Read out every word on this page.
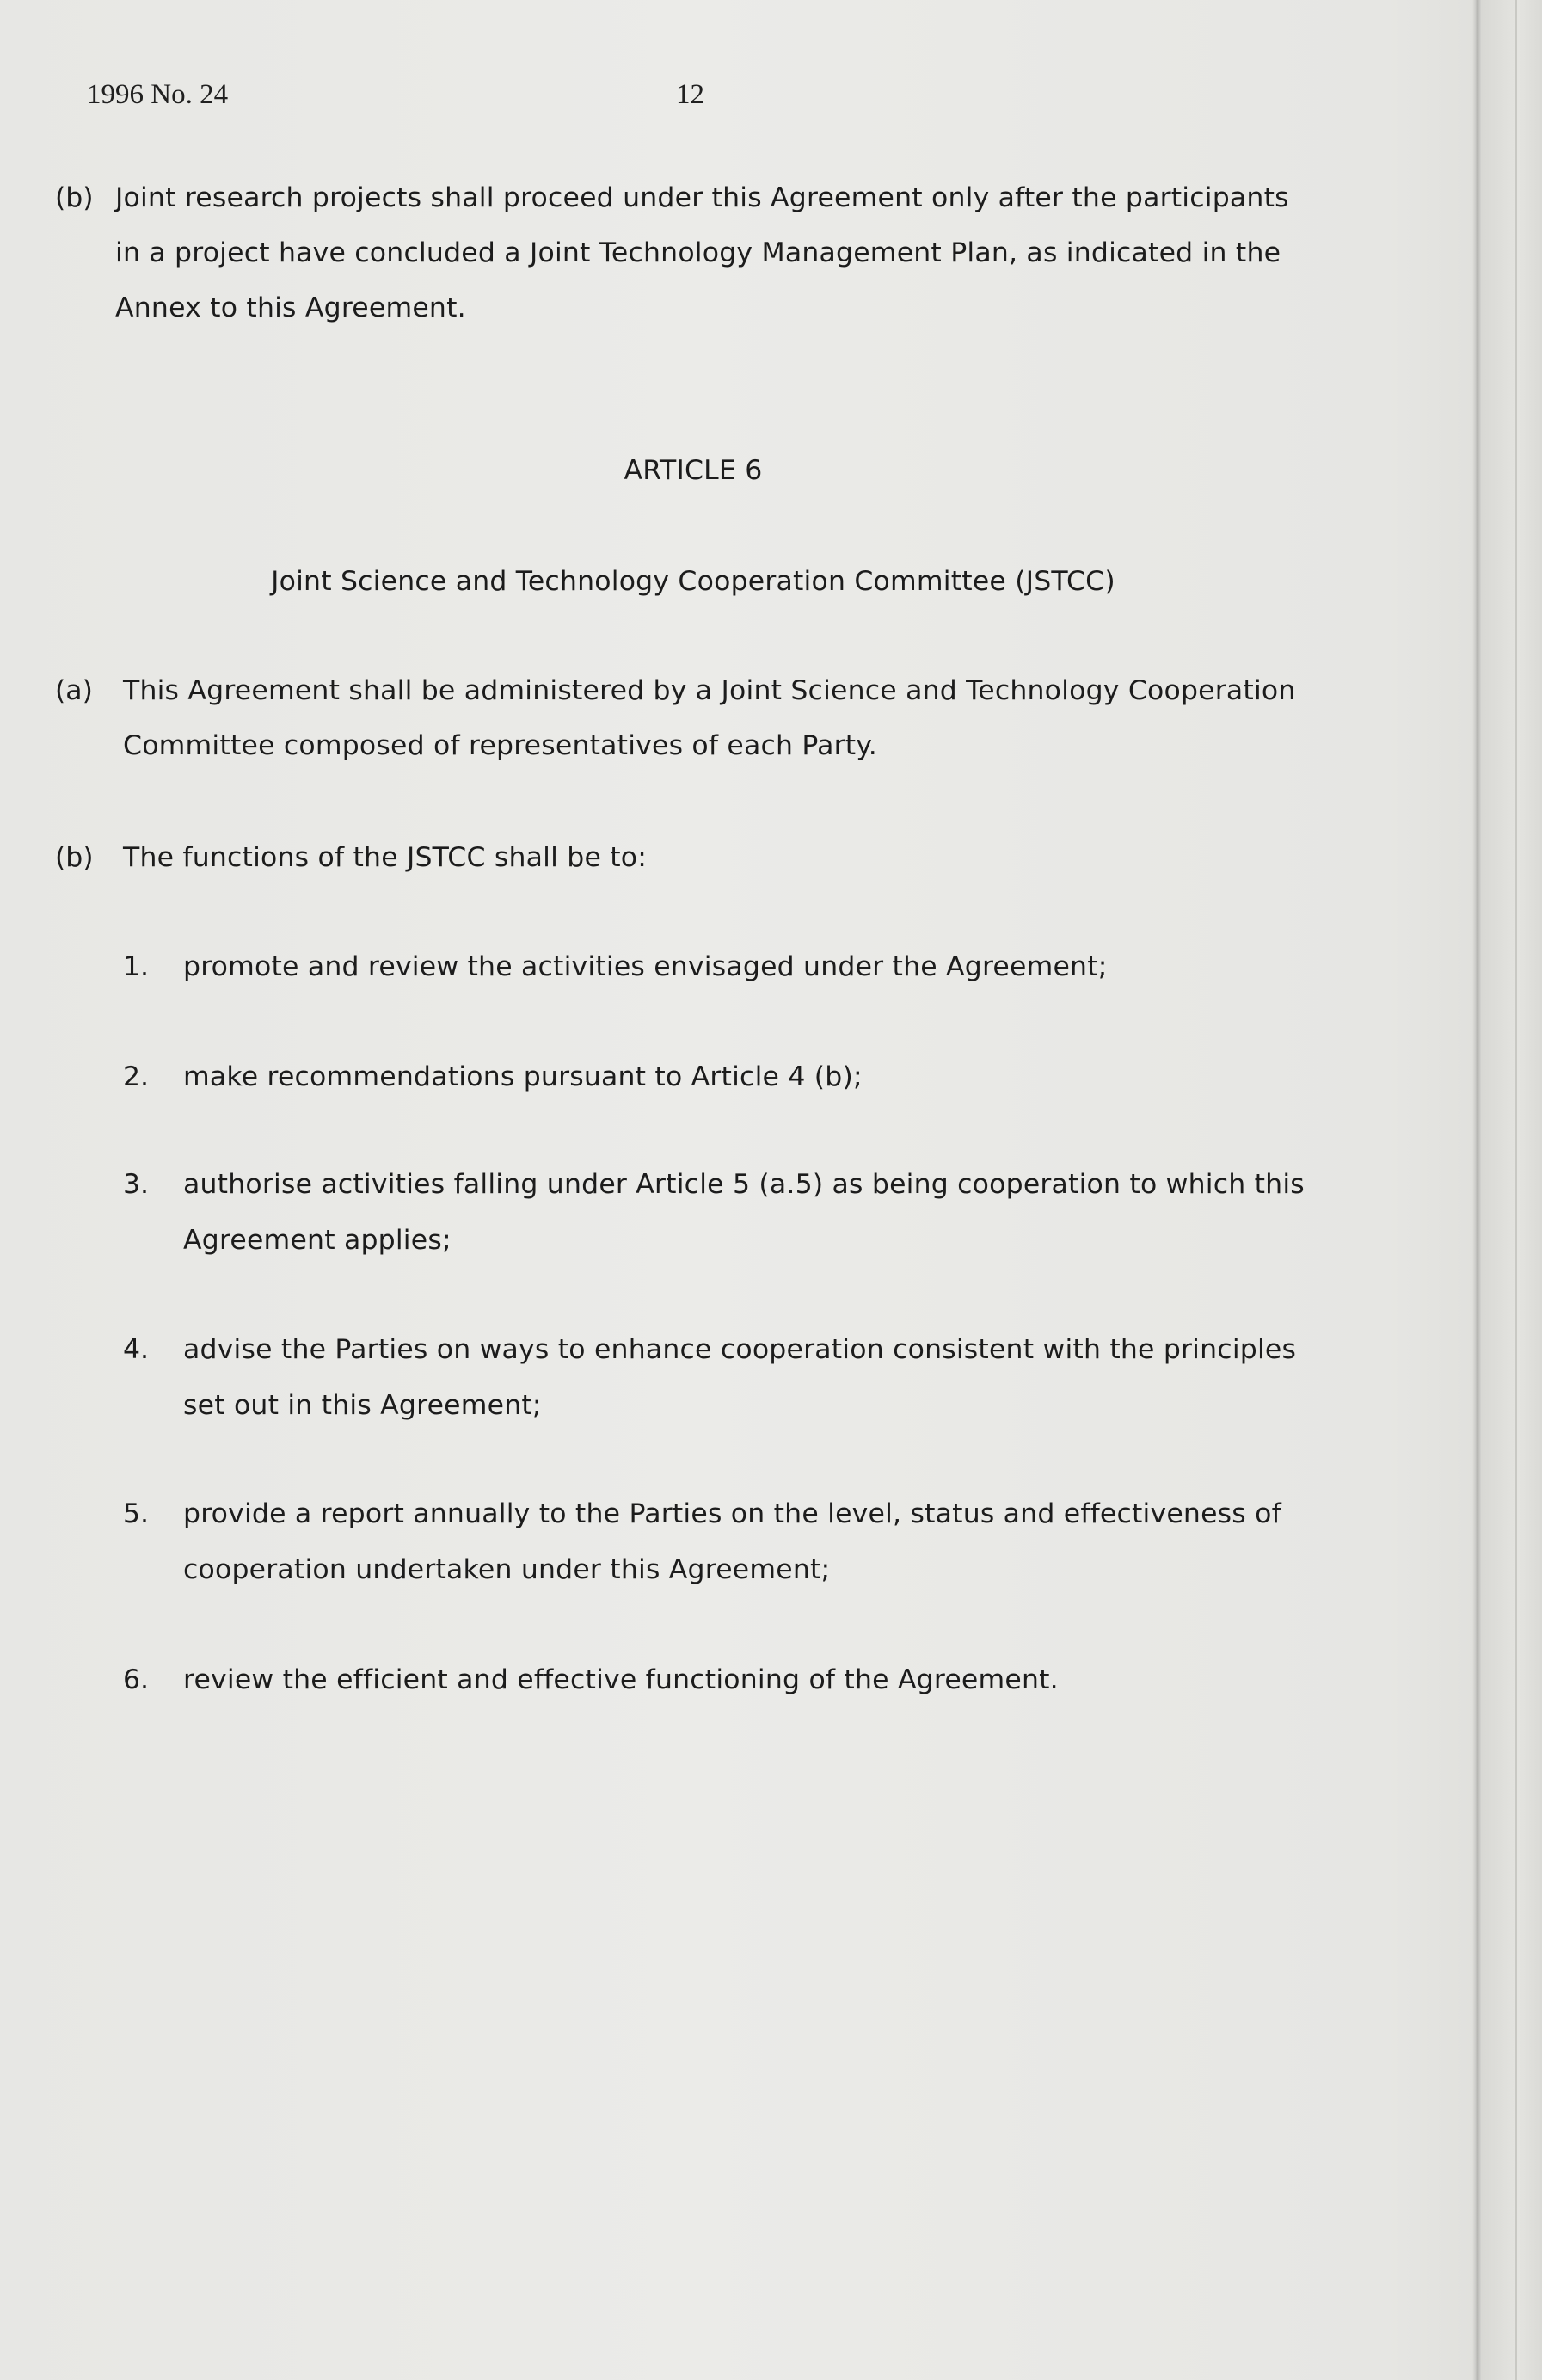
1996 No. 24	12
(b) Joint research projects shall proceed under this Agreement only after the participants
in a project have concluded a Joint Technology Management Plan, as indicated in the
Annex to this Agreement.
ARTICLE 6
Joint Science and Technology Cooperation Committee (JSTCC)
(a) This Agreement shall be administered by a Joint Science and Technology Cooperation
Committee composed of representatives of each Party.
(b) The functions of the JSTCC shall be to:
1. promote and review the activities envisaged under the Agreement;
2. make recommendations pursuant to Article 4 (b);
3. authorise activities falling under Article 5 (a.5) as being cooperation to which this
Agreement applies;
4. advise the Parties on ways to enhance cooperation consistent with the principles
set out in this Agreement;
5. provide a report annually to the Parties on the level, status and effectiveness of
cooperation undertaken under this Agreement;
6. review the efficient and effective functioning of the Agreement.
